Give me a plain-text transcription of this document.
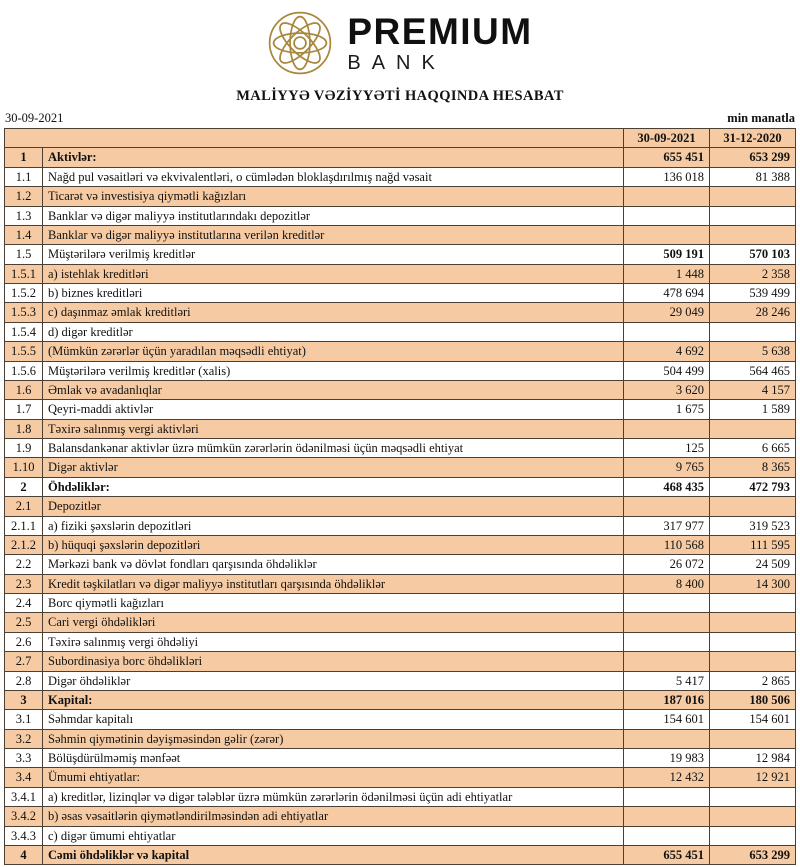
PREMIUM
BANK
MALİYYƏ VƏZİYYƏTİ HAQQINDA HESABAT
30-09-2021	min manatla
		30-09-2021	31-12-2020
1	Aktivlər:	655 451	653 299
1.1	Nağd pul vəsaitləri və ekvivalentləri, o cümlədən bloklaşdırılmış nağd vəsait	136 018	81 388
1.2	Ticarət və investisiya qiymətli kağızları		
1.3	Banklar və digər maliyyə institutlarındakı depozitlər		
1.4	Banklar və digər maliyyə institutlarına verilən kreditlər		
1.5	Müştərilərə verilmiş kreditlər	509 191	570 103
1.5.1	a) istehlak kreditləri	1 448	2 358
1.5.2	b) biznes kreditləri	478 694	539 499
1.5.3	c) daşınmaz əmlak kreditləri	29 049	28 246
1.5.4	d) digər kreditlər		
1.5.5	(Mümkün zərərlər üçün yaradılan məqsədli ehtiyat)	4 692	5 638
1.5.6	Müştərilərə verilmiş kreditlər (xalis)	504 499	564 465
1.6	Əmlak və avadanlıqlar	3 620	4 157
1.7	Qeyri-maddi aktivlər	1 675	1 589
1.8	Təxirə salınmış vergi aktivləri		
1.9	Balansdankənar aktivlər üzrə mümkün zərərlərin ödənilməsi üçün məqsədli ehtiyat	125	6 665
1.10	Digər aktivlər	9 765	8 365
2	Öhdəliklər:	468 435	472 793
2.1	Depozitlər		
2.1.1	a) fiziki şəxslərin depozitləri	317 977	319 523
2.1.2	b) hüquqi şəxslərin depozitləri	110 568	111 595
2.2	Mərkəzi bank və dövlət fondları qarşısında öhdəliklər	26 072	24 509
2.3	Kredit təşkilatları və digər maliyyə institutları qarşısında öhdəliklər	8 400	14 300
2.4	Borc qiymətli kağızları		
2.5	Cari vergi öhdəlikləri		
2.6	Təxirə salınmış vergi öhdəliyi		
2.7	Subordinasiya borc öhdəlikləri		
2.8	Digər öhdəliklər	5 417	2 865
3	Kapital:	187 016	180 506
3.1	Səhmdar kapitalı	154 601	154 601
3.2	Səhmin qiymətinin dəyişməsindən gəlir (zərər)		
3.3	Bölüşdürülməmiş mənfəət	19 983	12 984
3.4	Ümumi ehtiyatlar:	12 432	12 921
3.4.1	a) kreditlər, lizinqlər və digər tələblər üzrə mümkün zərərlərin ödənilməsi üçün adi ehtiyatlar		
3.4.2	b) əsas vəsaitlərin qiymətləndirilməsindən adi ehtiyatlar		
3.4.3	c) digər ümumi ehtiyatlar		
4	Cəmi öhdəliklər və kapital	655 451	653 299
